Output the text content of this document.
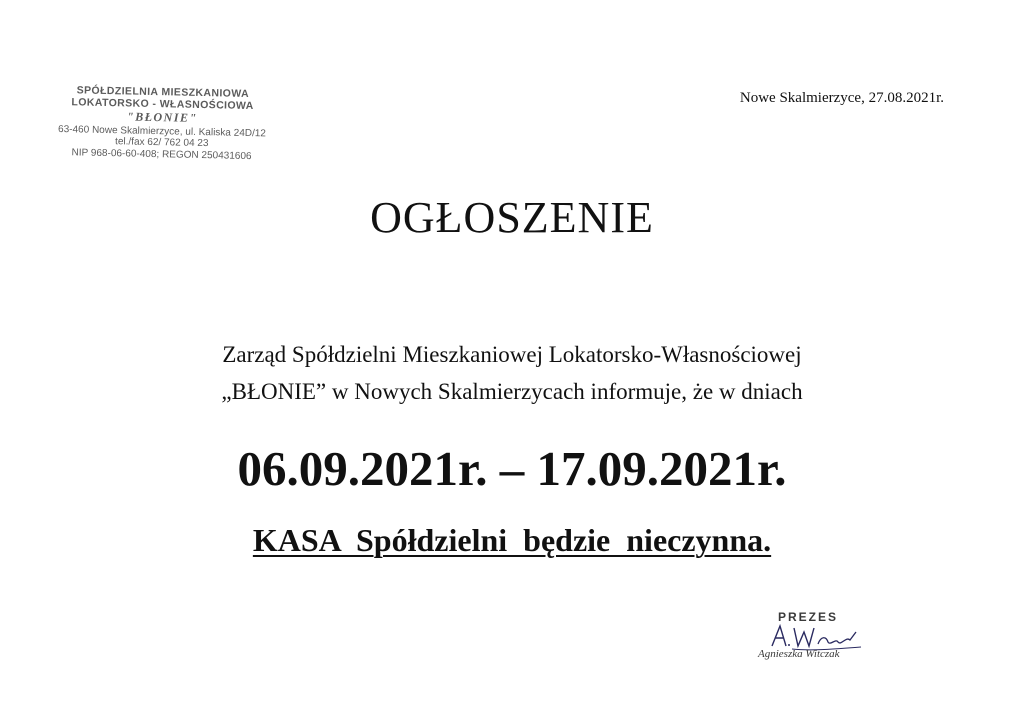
SPÓŁDZIELNIA MIESZKANIOWA
LOKATORSKO - WŁASNOŚCIOWA
"BŁONIE"
63-460 Nowe Skalmierzyce, ul. Kaliska 24D/12
tel./fax 62/ 762 04 23
NIP 968-06-60-408; REGON 250431606
Nowe Skalmierzyce, 27.08.2021r.
OGŁOSZENIE
Zarząd Spółdzielni Mieszkaniowej Lokatorsko-Własnościowej
„BŁONIE” w Nowych Skalmierzycach informuje, że w dniach
06.09.2021r. – 17.09.2021r.
KASA Spółdzielni będzie nieczynna.
PREZES
Agnieszka Witczak
